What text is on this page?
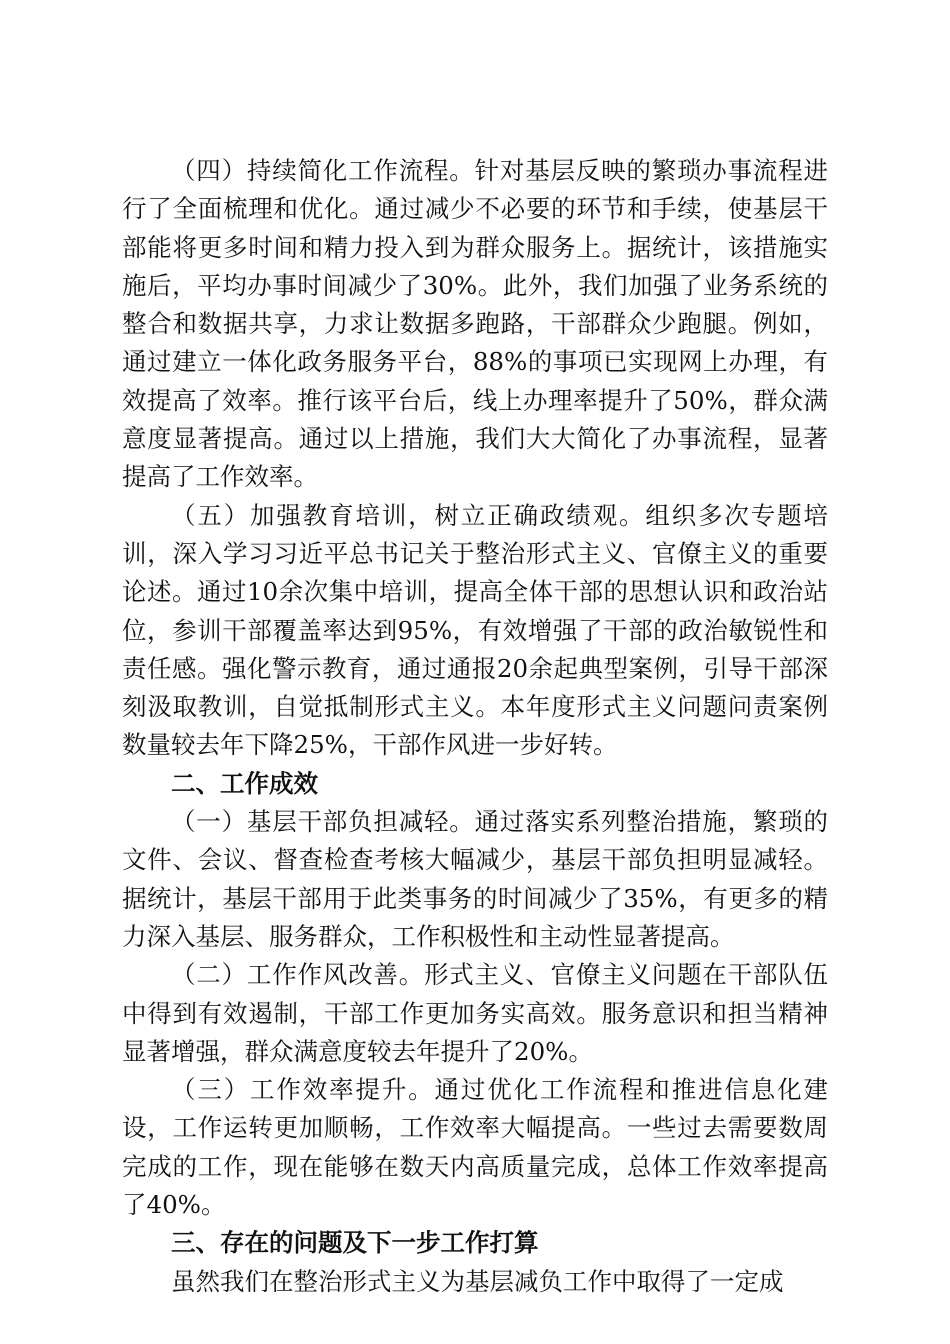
（四）持续简化工作流程。针对基层反映的繁琐办事流程进行了全面梳理和优化。通过减少不必要的环节和手续，使基层干部能将更多时间和精力投入到为群众服务上。据统计，该措施实施后，平均办事时间减少了30%。此外，我们加强了业务系统的整合和数据共享，力求让数据多跑路，干部群众少跑腿。例如，通过建立一体化政务服务平台，88%的事项已实现网上办理，有效提高了效率。推行该平台后，线上办理率提升了50%，群众满意度显著提高。通过以上措施，我们大大简化了办事流程，显著提高了工作效率。

（五）加强教育培训，树立正确政绩观。组织多次专题培训，深入学习习近平总书记关于整治形式主义、官僚主义的重要论述。通过10余次集中培训，提高全体干部的思想认识和政治站位，参训干部覆盖率达到95%，有效增强了干部的政治敏锐性和责任感。强化警示教育，通过通报20余起典型案例，引导干部深刻汲取教训，自觉抵制形式主义。本年度形式主义问题问责案例数量较去年下降25%，干部作风进一步好转。

二、工作成效

（一）基层干部负担减轻。通过落实系列整治措施，繁琐的文件、会议、督查检查考核大幅减少，基层干部负担明显减轻。据统计，基层干部用于此类事务的时间减少了35%，有更多的精力深入基层、服务群众，工作积极性和主动性显著提高。

（二）工作作风改善。形式主义、官僚主义问题在干部队伍中得到有效遏制，干部工作更加务实高效。服务意识和担当精神显著增强，群众满意度较去年提升了20%。

（三）工作效率提升。通过优化工作流程和推进信息化建设，工作运转更加顺畅，工作效率大幅提高。一些过去需要数周完成的工作，现在能够在数天内高质量完成，总体工作效率提高了40%。

三、存在的问题及下一步工作打算

虽然我们在整治形式主义为基层减负工作中取得了一定成
